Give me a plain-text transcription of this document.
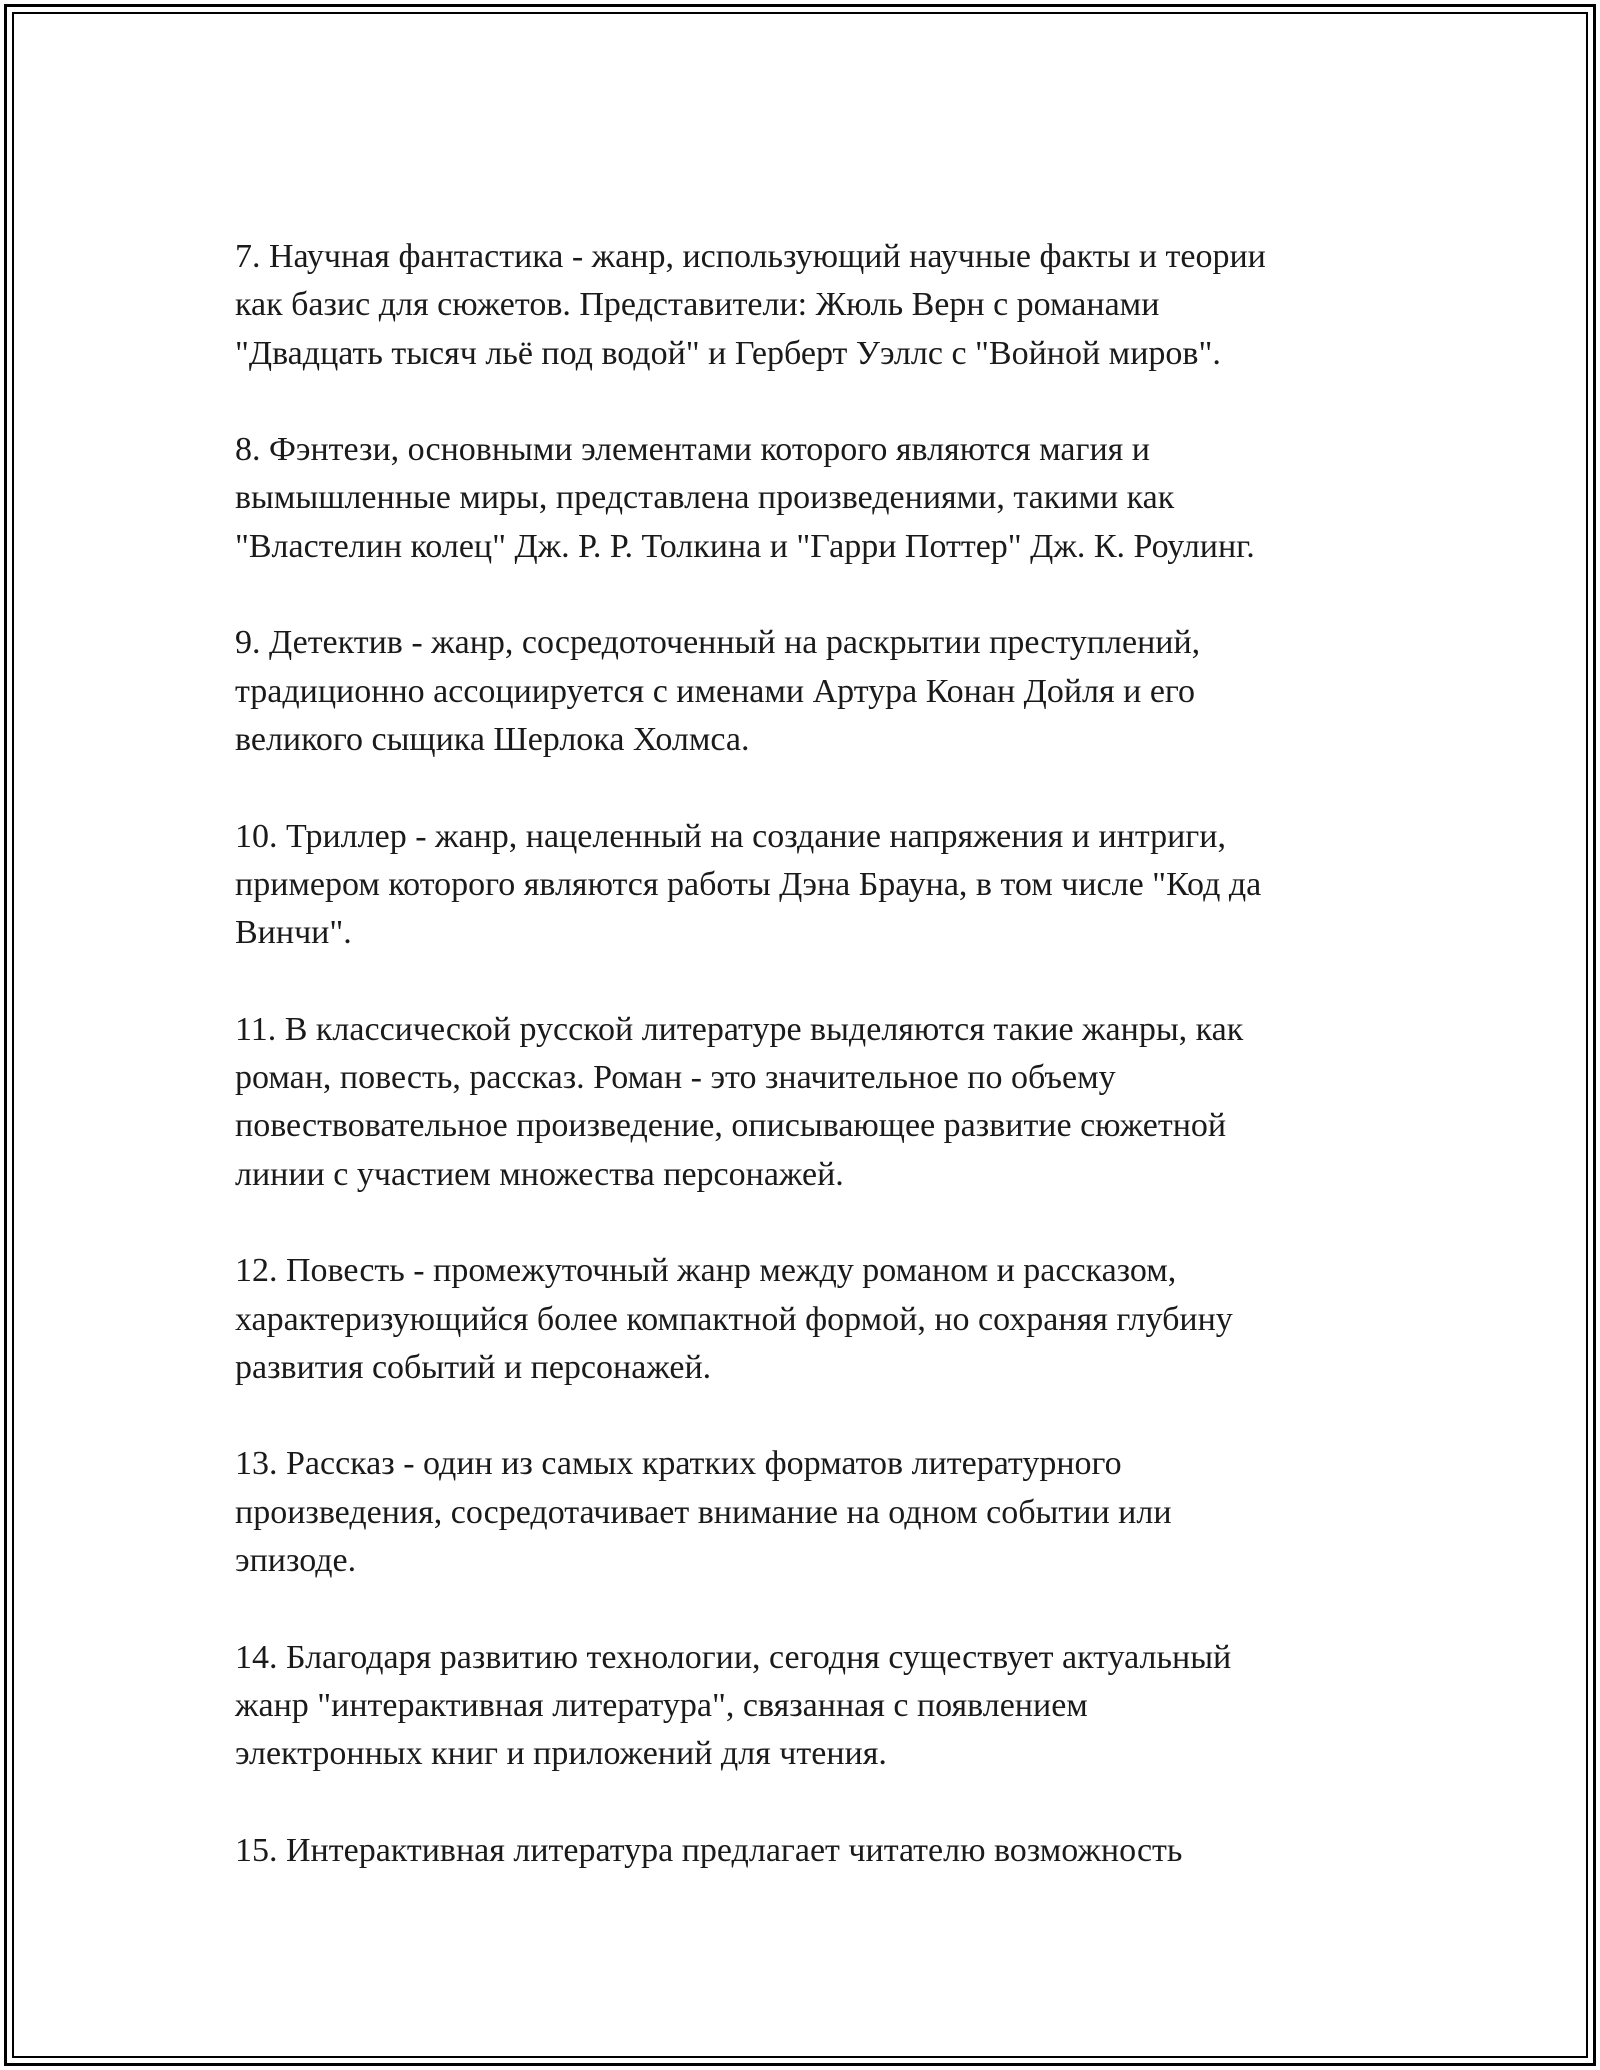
7. Научная фантастика - жанр, использующий научные факты и теории
как базис для сюжетов. Представители: Жюль Верн с романами
"Двадцать тысяч льё под водой" и Герберт Уэллс с "Войной миров".

8. Фэнтези, основными элементами которого являются магия и
вымышленные миры, представлена произведениями, такими как
"Властелин колец" Дж. Р. Р. Толкина и "Гарри Поттер" Дж. К. Роулинг.

9. Детектив - жанр, сосредоточенный на раскрытии преступлений,
традиционно ассоциируется с именами Артура Конан Дойля и его
великого сыщика Шерлока Холмса.

10. Триллер - жанр, нацеленный на создание напряжения и интриги,
примером которого являются работы Дэна Брауна, в том числе "Код да
Винчи".

11. В классической русской литературе выделяются такие жанры, как
роман, повесть, рассказ. Роман - это значительное по объему
повествовательное произведение, описывающее развитие сюжетной
линии с участием множества персонажей.

12. Повесть - промежуточный жанр между романом и рассказом,
характеризующийся более компактной формой, но сохраняя глубину
развития событий и персонажей.

13. Рассказ - один из самых кратких форматов литературного
произведения, сосредотачивает внимание на одном событии или
эпизоде.

14. Благодаря развитию технологии, сегодня существует актуальный
жанр "интерактивная литература", связанная с появлением
электронных книг и приложений для чтения.

15. Интерактивная литература предлагает читателю возможность
